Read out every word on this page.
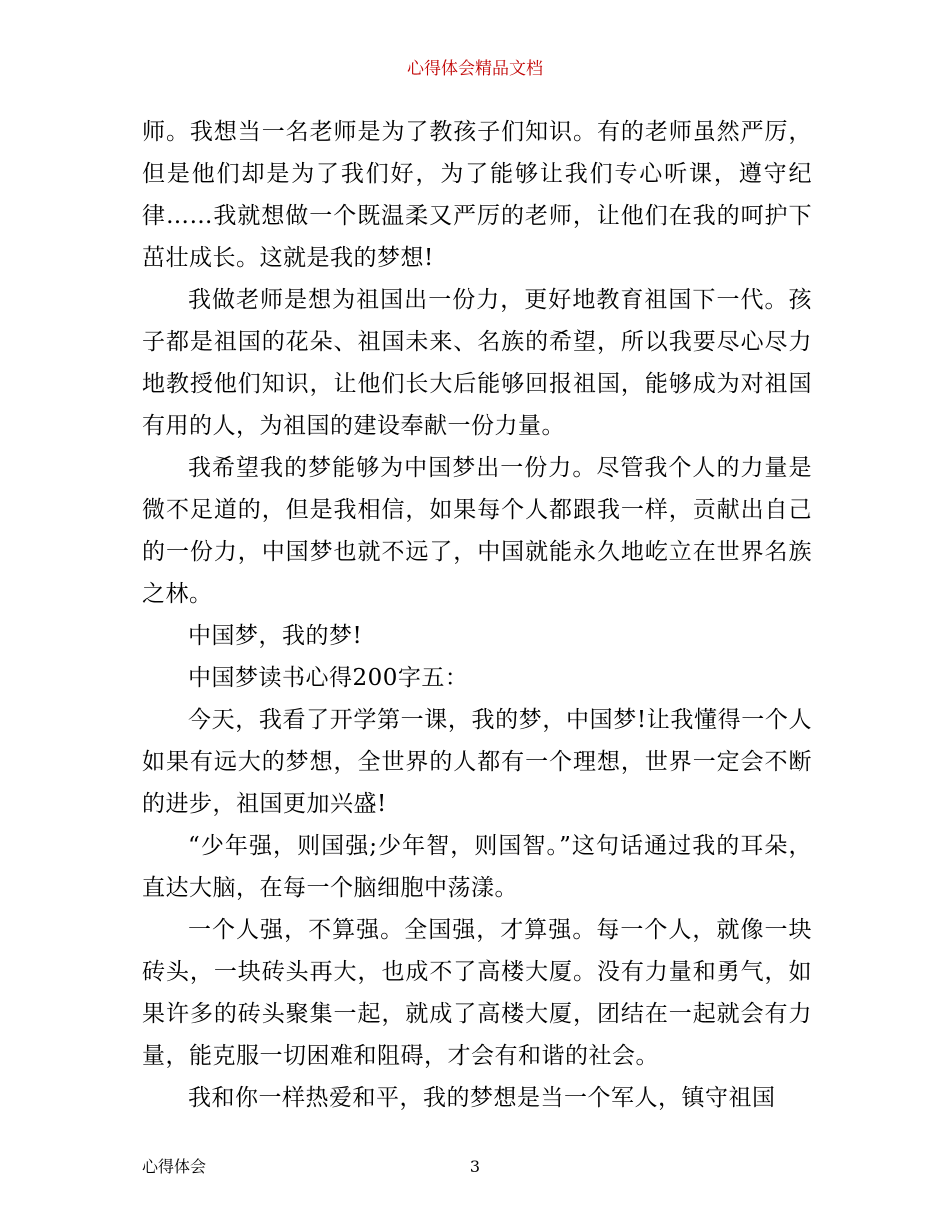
心得体会精品文档

师。我想当一名老师是为了教孩子们知识。有的老师虽然严厉，但是他们却是为了我们好，为了能够让我们专心听课，遵守纪律……我就想做一个既温柔又严厉的老师，让他们在我的呵护下茁壮成长。这就是我的梦想!

我做老师是想为祖国出一份力，更好地教育祖国下一代。孩子都是祖国的花朵、祖国未来、名族的希望，所以我要尽心尽力地教授他们知识，让他们长大后能够回报祖国，能够成为对祖国有用的人，为祖国的建设奉献一份力量。

我希望我的梦能够为中国梦出一份力。尽管我个人的力量是微不足道的，但是我相信，如果每个人都跟我一样，贡献出自己的一份力，中国梦也就不远了，中国就能永久地屹立在世界名族之林。

中国梦，我的梦!

中国梦读书心得200字五：

今天，我看了开学第一课，我的梦，中国梦!让我懂得一个人如果有远大的梦想，全世界的人都有一个理想，世界一定会不断的进步，祖国更加兴盛!

“少年强，则国强;少年智，则国智。”这句话通过我的耳朵，直达大脑，在每一个脑细胞中荡漾。

一个人强，不算强。全国强，才算强。每一个人，就像一块砖头，一块砖头再大，也成不了高楼大厦。没有力量和勇气，如果许多的砖头聚集一起，就成了高楼大厦，团结在一起就会有力量，能克服一切困难和阻碍，才会有和谐的社会。

我和你一样热爱和平，我的梦想是当一个军人，镇守祖国

心得体会	3
